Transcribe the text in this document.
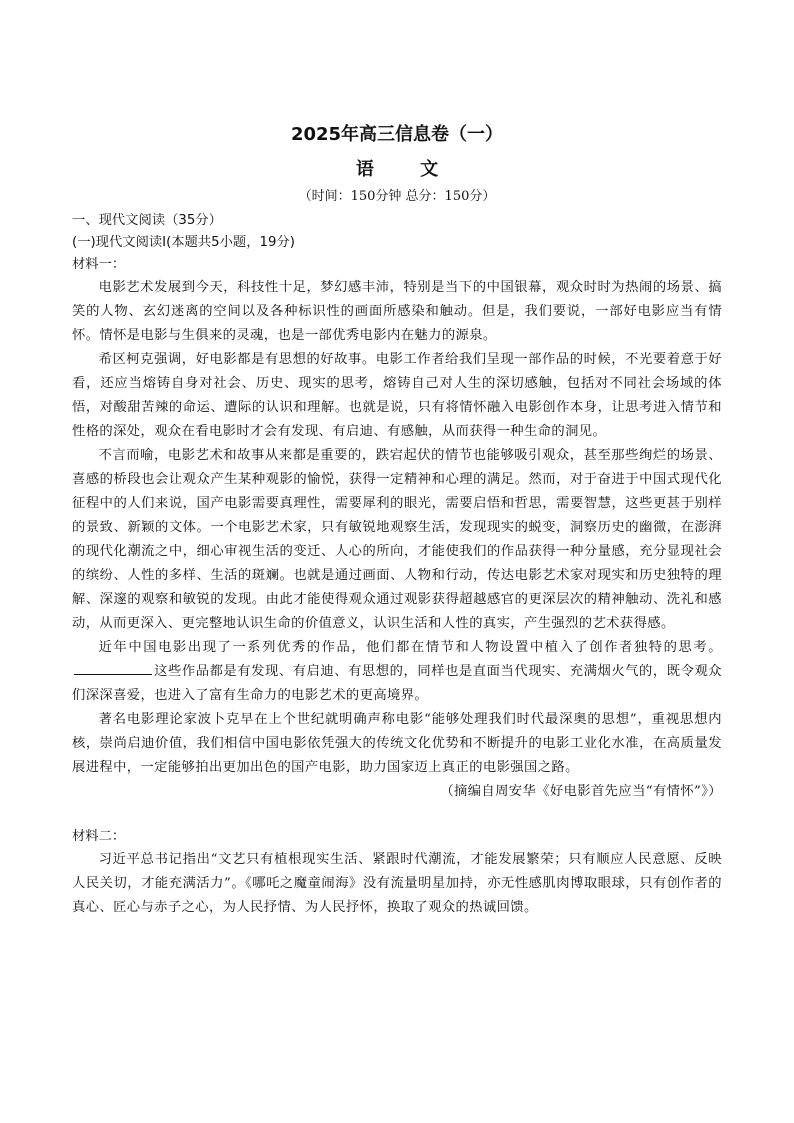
2025年高三信息卷（一）
语 文
（时间：150分钟 总分：150分）

一、现代文阅读（35分）

(一)现代文阅读Ⅰ(本题共5小题，19分)

材料一：

电影艺术发展到今天，科技性十足，梦幻感丰沛，特别是当下的中国银幕，观众时时为热闹的场景、搞笑的人物、玄幻迷离的空间以及各种标识性的画面所感染和触动。但是，我们要说，一部好电影应当有情怀。情怀是电影与生俱来的灵魂，也是一部优秀电影内在魅力的源泉。

希区柯克强调，好电影都是有思想的好故事。电影工作者给我们呈现一部作品的时候，不光要着意于好看，还应当熔铸自身对社会、历史、现实的思考，熔铸自己对人生的深切感触，包括对不同社会场域的体悟，对酸甜苦辣的命运、遭际的认识和理解。也就是说，只有将情怀融入电影创作本身，让思考进入情节和性格的深处，观众在看电影时才会有发现、有启迪、有感触，从而获得一种生命的洞见。

不言而喻，电影艺术和故事从来都是重要的，跌宕起伏的情节也能够吸引观众，甚至那些绚烂的场景、喜感的桥段也会让观众产生某种观影的愉悦，获得一定精神和心理的满足。然而，对于奋进于中国式现代化征程中的人们来说，国产电影需要真理性，需要犀利的眼光，需要启悟和哲思，需要智慧，这些更甚于别样的景致、新颖的文体。一个电影艺术家，只有敏锐地观察生活，发现现实的蜕变，洞察历史的幽微，在澎湃的现代化潮流之中，细心审视生活的变迁、人心的所向，才能使我们的作品获得一种分量感，充分显现社会的缤纷、人性的多样、生活的斑斓。也就是通过画面、人物和行动，传达电影艺术家对现实和历史独特的理解、深邃的观察和敏锐的发现。由此才能使得观众通过观影获得超越感官的更深层次的精神触动、洗礼和感动，从而更深入、更完整地认识生命的价值意义，认识生活和人性的真实，产生强烈的艺术获得感。

近年中国电影出现了一系列优秀的作品，他们都在情节和人物设置中植入了创作者独特的思考。这些作品都是有发现、有启迪、有思想的，同样也是直面当代现实、充满烟火气的，既令观众们深深喜爱，也进入了富有生命力的电影艺术的更高境界。

著名电影理论家波卜克早在上个世纪就明确声称电影“能够处理我们时代最深奥的思想”，重视思想内核，崇尚启迪价值，我们相信中国电影依凭强大的传统文化优势和不断提升的电影工业化水准，在高质量发展进程中，一定能够拍出更加出色的国产电影，助力国家迈上真正的电影强国之路。

（摘编自周安华《好电影首先应当“有情怀”》）

材料二：

习近平总书记指出“文艺只有植根现实生活、紧跟时代潮流，才能发展繁荣；只有顺应人民意愿、反映人民关切，才能充满活力”。《哪吒之魔童闹海》没有流量明星加持，亦无性感肌肉博取眼球，只有创作者的真心、匠心与赤子之心，为人民抒情、为人民抒怀，换取了观众的热诚回馈。
